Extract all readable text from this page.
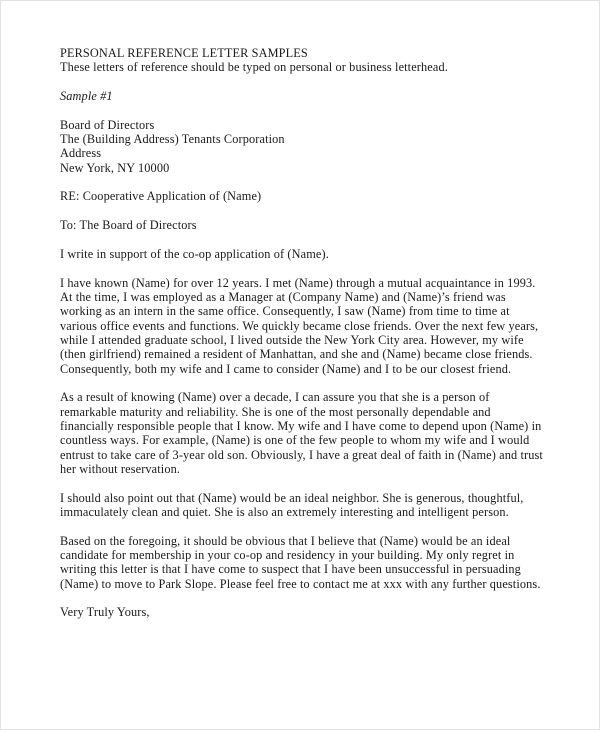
PERSONAL REFERENCE LETTER SAMPLES
These letters of reference should be typed on personal or business letterhead.
Sample #1
Board of Directors
The (Building Address) Tenants Corporation
Address
New York, NY 10000
RE: Cooperative Application of (Name)
To: The Board of Directors

I write in support of the co-op application of (Name).

I have known (Name) for over 12 years. I met (Name) through a mutual acquaintance in 1993. At the time, I was employed as a Manager at (Company Name) and (Name)’s friend was working as an intern in the same office. Consequently, I saw (Name) from time to time at various office events and functions. We quickly became close friends. Over the next few years, while I attended graduate school, I lived outside the New York City area. However, my wife (then girlfriend) remained a resident of Manhattan, and she and (Name) became close friends. Consequently, both my wife and I came to consider (Name) and I to be our closest friend.

As a result of knowing (Name) over a decade, I can assure you that she is a person of remarkable maturity and reliability. She is one of the most personally dependable and financially responsible people that I know. My wife and I have come to depend upon (Name) in countless ways. For example, (Name) is one of the few people to whom my wife and I would entrust to take care of 3-year old son. Obviously, I have a great deal of faith in (Name) and trust her without reservation.

I should also point out that (Name) would be an ideal neighbor. She is generous, thoughtful, immaculately clean and quiet. She is also an extremely interesting and intelligent person.

Based on the foregoing, it should be obvious that I believe that (Name) would be an ideal candidate for membership in your co-op and residency in your building. My only regret in writing this letter is that I have come to suspect that I have been unsuccessful in persuading (Name) to move to Park Slope. Please feel free to contact me at xxx with any further questions.

Very Truly Yours,
